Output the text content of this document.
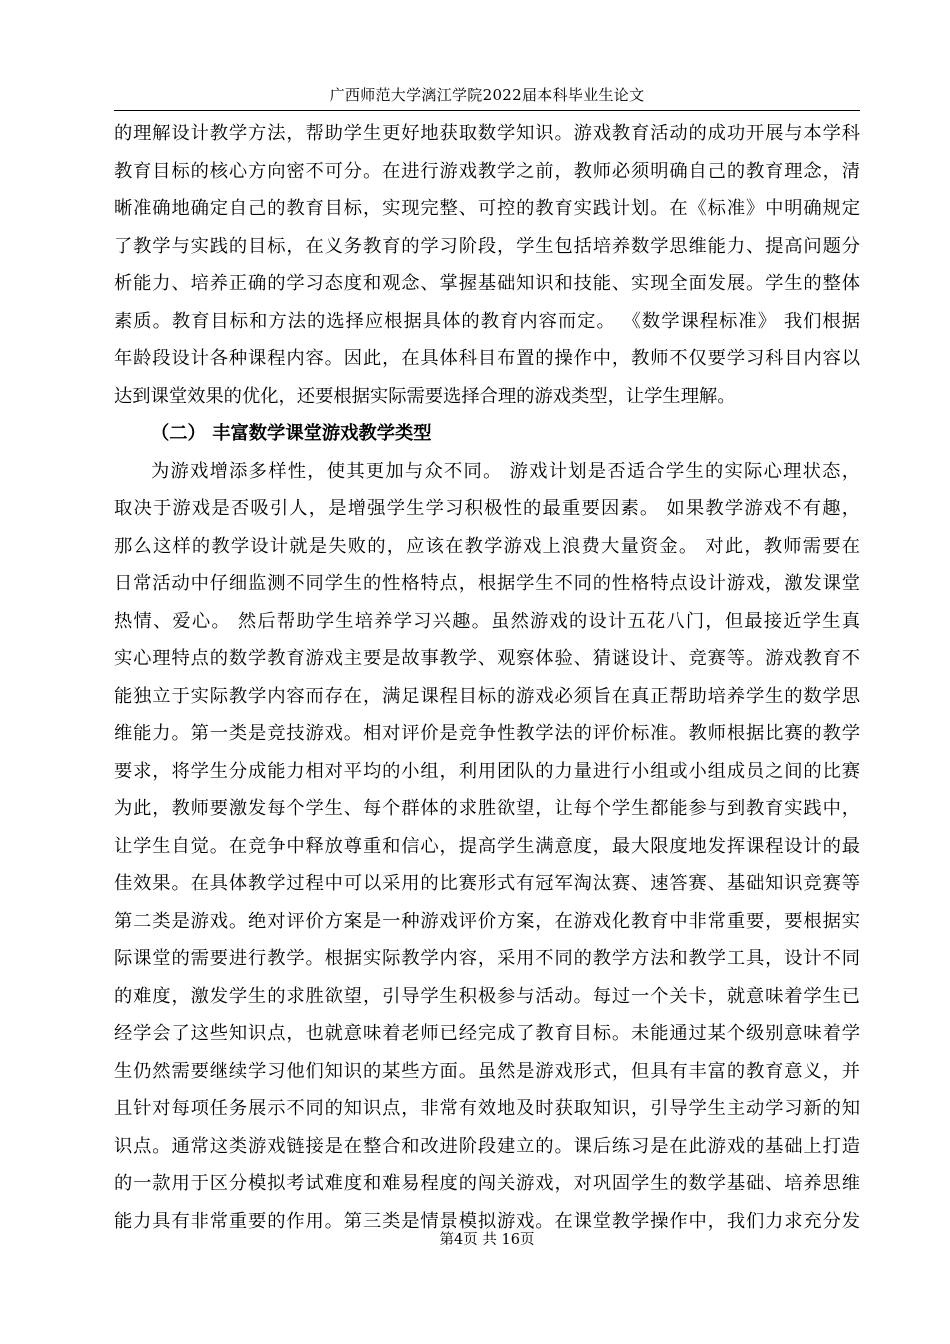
广西师范大学漓江学院2022届本科毕业生论文
的理解设计教学方法，帮助学生更好地获取数学知识。游戏教育活动的成功开展与本学科
教育目标的核心方向密不可分。在进行游戏教学之前，教师必须明确自己的教育理念，清
晰准确地确定自己的教育目标，实现完整、可控的教育实践计划。在《标准》中明确规定
了教学与实践的目标，在义务教育的学习阶段，学生包括培养数学思维能力、提高问题分
析能力、培养正确的学习态度和观念、掌握基础知识和技能、实现全面发展。学生的整体
素质。教育目标和方法的选择应根据具体的教育内容而定。 《数学课程标准》 我们根据
年龄段设计各种课程内容。因此，在具体科目布置的操作中，教师不仅要学习科目内容以
达到课堂效果的优化，还要根据实际需要选择合理的游戏类型，让学生理解。
（二） 丰富数学课堂游戏教学类型
为游戏增添多样性，使其更加与众不同。 游戏计划是否适合学生的实际心理状态，
取决于游戏是否吸引人，是增强学生学习积极性的最重要因素。 如果教学游戏不有趣，
那么这样的教学设计就是失败的，应该在教学游戏上浪费大量资金。 对此，教师需要在
日常活动中仔细监测不同学生的性格特点，根据学生不同的性格特点设计游戏，激发课堂
热情、爱心。 然后帮助学生培养学习兴趣。虽然游戏的设计五花八门，但最接近学生真
实心理特点的数学教育游戏主要是故事教学、观察体验、猜谜设计、竞赛等。游戏教育不
能独立于实际教学内容而存在，满足课程目标的游戏必须旨在真正帮助培养学生的数学思
维能力。第一类是竞技游戏。相对评价是竞争性教学法的评价标准。教师根据比赛的教学
要求，将学生分成能力相对平均的小组，利用团队的力量进行小组或小组成员之间的比赛
为此，教师要激发每个学生、每个群体的求胜欲望，让每个学生都能参与到教育实践中，
让学生自觉。在竞争中释放尊重和信心，提高学生满意度，最大限度地发挥课程设计的最
佳效果。在具体教学过程中可以采用的比赛形式有冠军淘汰赛、速答赛、基础知识竞赛等
第二类是游戏。绝对评价方案是一种游戏评价方案，在游戏化教育中非常重要，要根据实
际课堂的需要进行教学。根据实际教学内容，采用不同的教学方法和教学工具，设计不同
的难度，激发学生的求胜欲望，引导学生积极参与活动。每过一个关卡，就意味着学生已
经学会了这些知识点，也就意味着老师已经完成了教育目标。未能通过某个级别意味着学
生仍然需要继续学习他们知识的某些方面。虽然是游戏形式，但具有丰富的教育意义，并
且针对每项任务展示不同的知识点，非常有效地及时获取知识，引导学生主动学习新的知
识点。通常这类游戏链接是在整合和改进阶段建立的。课后练习是在此游戏的基础上打造
的一款用于区分模拟考试难度和难易程度的闯关游戏，对巩固学生的数学基础、培养思维
能力具有非常重要的作用。第三类是情景模拟游戏。在课堂教学操作中，我们力求充分发
第4页 共 16页
